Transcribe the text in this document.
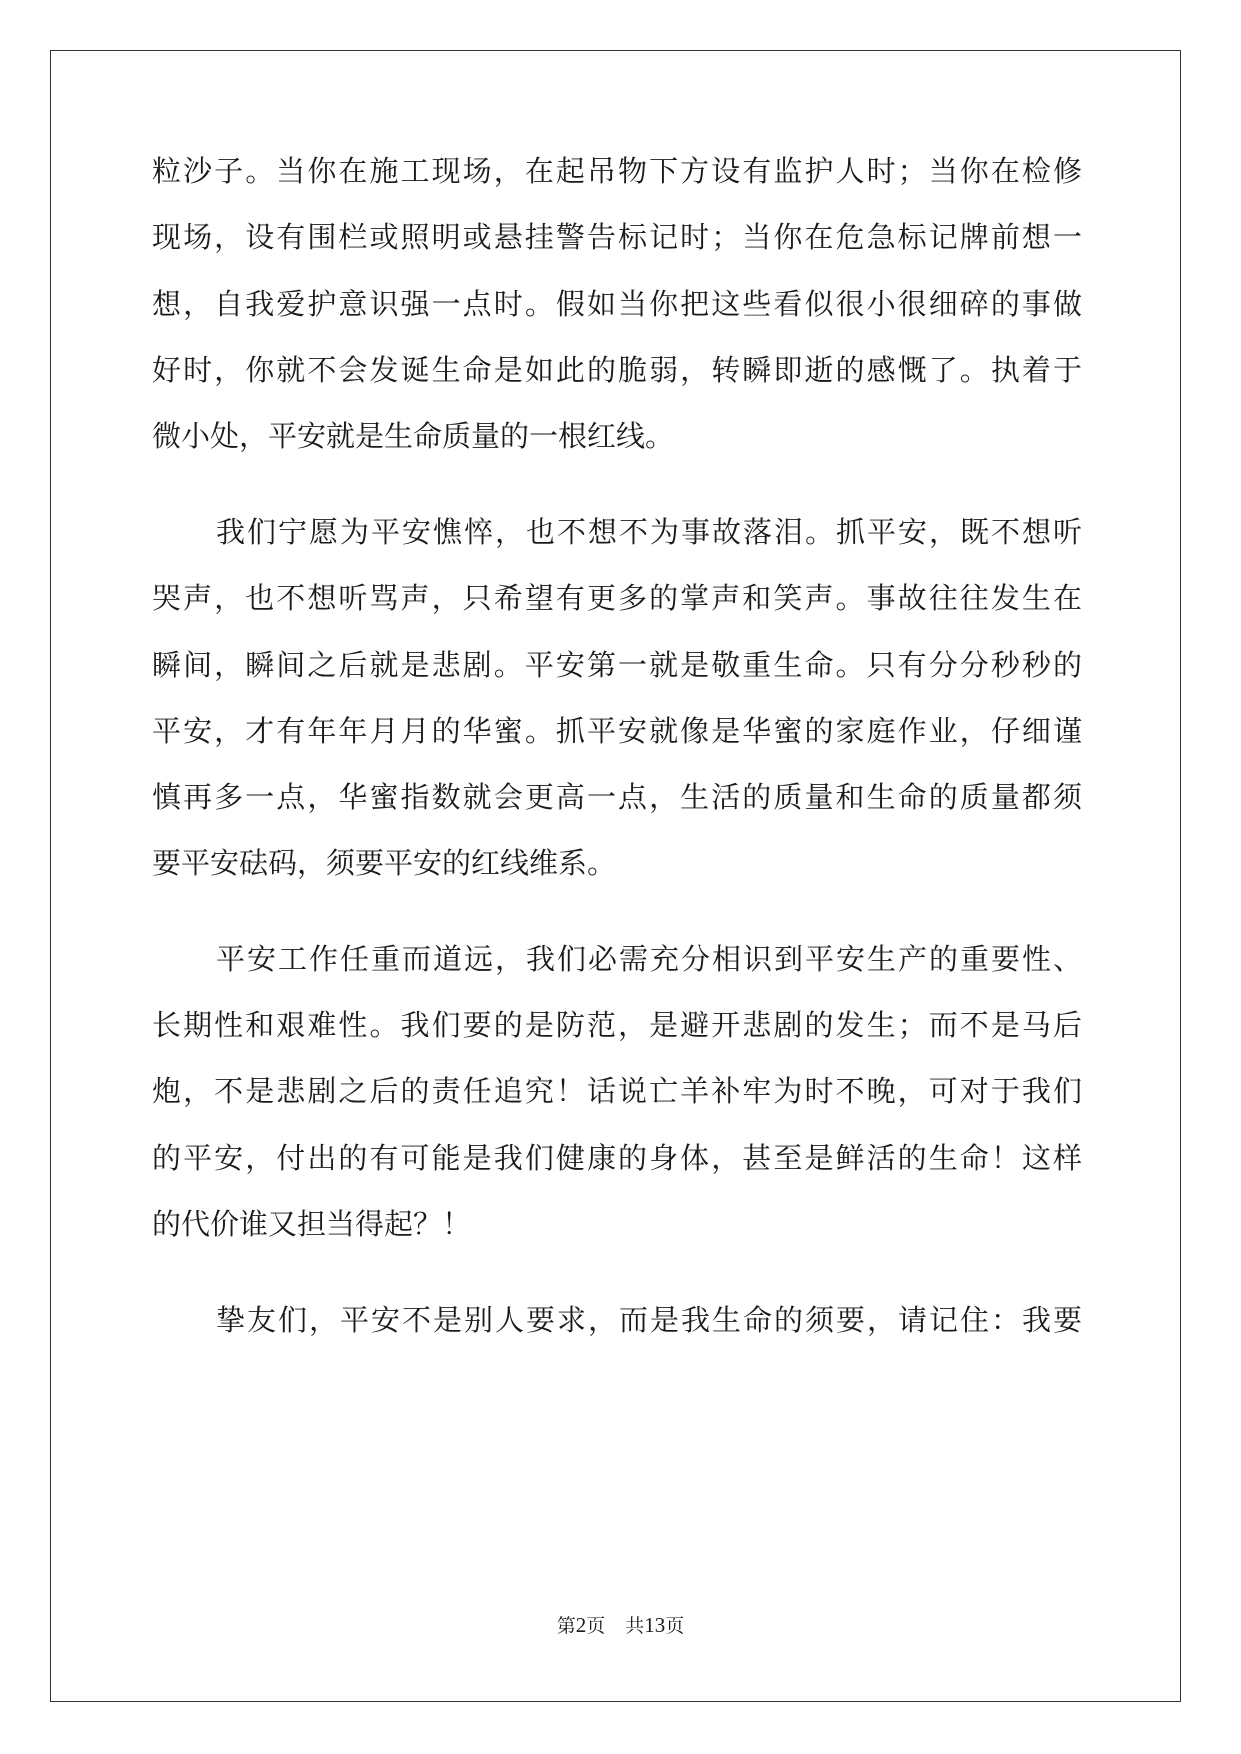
粒沙子。当你在施工现场，在起吊物下方设有监护人时；当你在检修
现场，设有围栏或照明或悬挂警告标记时；当你在危急标记牌前想一
想，自我爱护意识强一点时。假如当你把这些看似很小很细碎的事做
好时，你就不会发诞生命是如此的脆弱，转瞬即逝的感慨了。执着于
微小处，平安就是生命质量的一根红线。
我们宁愿为平安憔悴，也不想不为事故落泪。抓平安，既不想听
哭声，也不想听骂声，只希望有更多的掌声和笑声。事故往往发生在
瞬间，瞬间之后就是悲剧。平安第一就是敬重生命。只有分分秒秒的
平安，才有年年月月的华蜜。抓平安就像是华蜜的家庭作业，仔细谨
慎再多一点，华蜜指数就会更高一点，生活的质量和生命的质量都须
要平安砝码，须要平安的红线维系。
平安工作任重而道远，我们必需充分相识到平安生产的重要性、
长期性和艰难性。我们要的是防范，是避开悲剧的发生；而不是马后
炮，不是悲剧之后的责任追究！话说亡羊补牢为时不晚，可对于我们
的平安，付出的有可能是我们健康的身体，甚至是鲜活的生命！这样
的代价谁又担当得起？！
挚友们，平安不是别人要求，而是我生命的须要，请记住：我要
第2页 共13页
